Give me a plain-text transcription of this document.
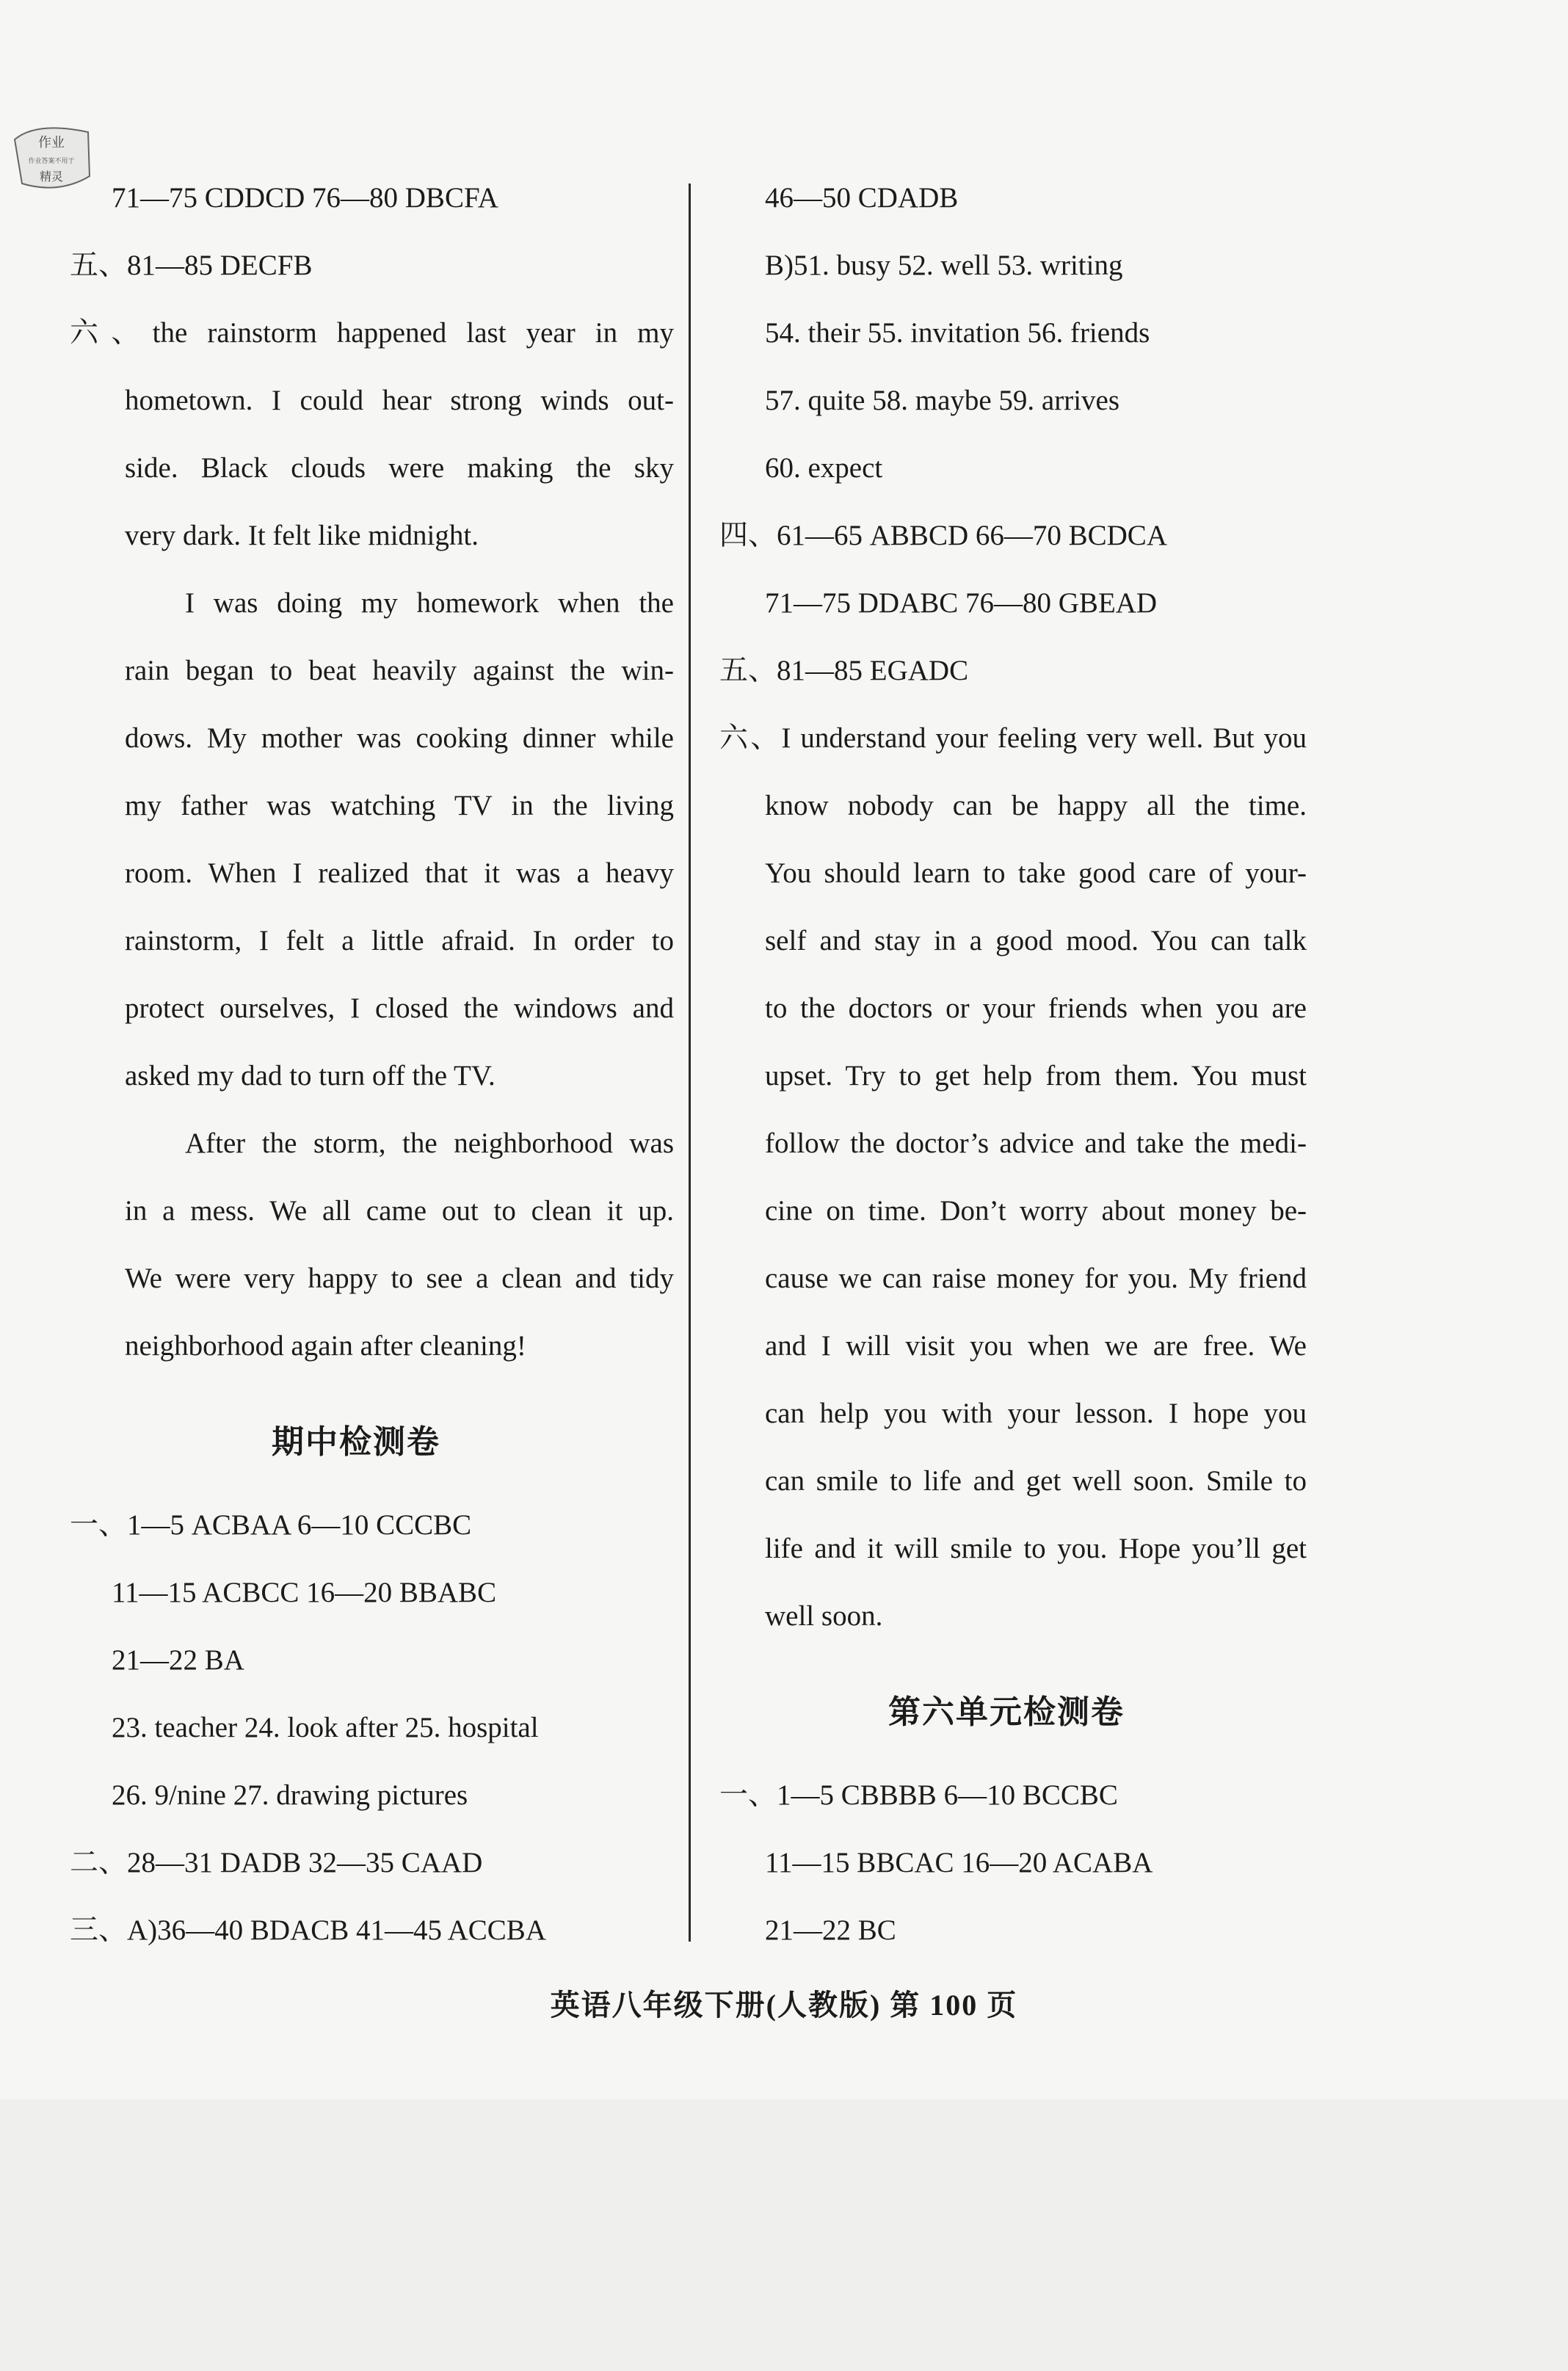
作业
作业答案不用于
精灵
71—75 CDDCD 76—80 DBCFA
五、81—85 DECFB
六、the rainstorm happened last year in my
hometown. I could hear strong winds out-
side. Black clouds were making the sky
very dark. It felt like midnight.
I was doing my homework when the
rain began to beat heavily against the win-
dows. My mother was cooking dinner while
my father was watching TV in the living
room. When I realized that it was a heavy
rainstorm, I felt a little afraid. In order to
protect ourselves, I closed the windows and
asked my dad to turn off the TV.
After the storm, the neighborhood was
in a mess. We all came out to clean it up.
We were very happy to see a clean and tidy
neighborhood again after cleaning!
期中检测卷
一、1—5 ACBAA 6—10 CCCBC
11—15 ACBCC 16—20 BBABC
21—22 BA
23. teacher 24. look after 25. hospital
26. 9/nine 27. drawing pictures
二、28—31 DADB 32—35 CAAD
三、A)36—40 BDACB 41—45 ACCBA
46—50 CDADB
B)51. busy 52. well 53. writing
54. their 55. invitation 56. friends
57. quite 58. maybe 59. arrives
60. expect
四、61—65 ABBCD 66—70 BCDCA
71—75 DDABC 76—80 GBEAD
五、81—85 EGADC
六、I understand your feeling very well. But you
know nobody can be happy all the time.
You should learn to take good care of your-
self and stay in a good mood. You can talk
to the doctors or your friends when you are
upset. Try to get help from them. You must
follow the doctor’s advice and take the medi-
cine on time. Don’t worry about money be-
cause we can raise money for you. My friend
and I will visit you when we are free. We
can help you with your lesson. I hope you
can smile to life and get well soon. Smile to
life and it will smile to you. Hope you’ll get
well soon.
第六单元检测卷
一、1—5 CBBBB 6—10 BCCBC
11—15 BBCAC 16—20 ACABA
21—22 BC
英语八年级下册(人教版) 第 100 页
